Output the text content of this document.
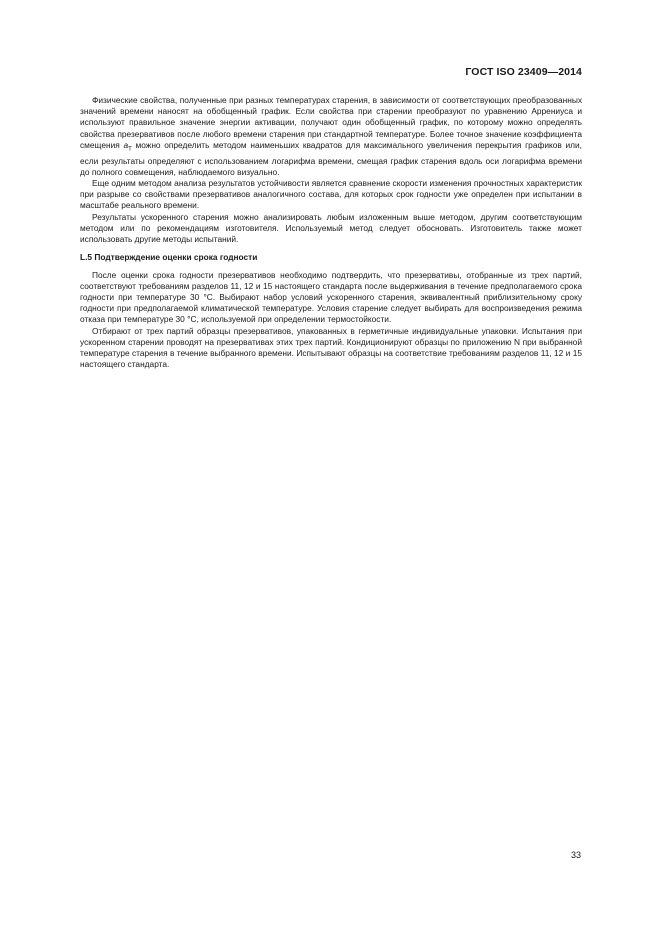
ГОСТ ISO 23409—2014

Физические свойства, полученные при разных температурах старения, в зависимости от соответствующих преобразованных значений времени наносят на обобщенный график. Если свойства при старении преобразуют по уравнению Аррениуса и используют правильное значение энергии активации, получают один обобщенный график, по которому можно определять свойства презервативов после любого времени старения при стандартной температуре. Более точное значение коэффициента смещения $a_T$ можно определить методом наименьших квадратов для максимального увеличения перекрытия графиков или, если результаты определяют с использованием логарифма времени, смещая график старения вдоль оси логарифма времени до полного совмещения, наблюдаемого визуально.

Еще одним методом анализа результатов устойчивости является сравнение скорости изменения прочностных характеристик при разрыве со свойствами презервативов аналогичного состава, для которых срок годности уже определен при испытании в масштабе реального времени.

Результаты ускоренного старения можно анализировать любым изложенным выше методом, другим соответствующим методом или по рекомендациям изготовителя. Используемый метод следует обосновать. Изготовитель также может использовать другие методы испытаний.

L.5 Подтверждение оценки срока годности

После оценки срока годности презервативов необходимо подтвердить, что презервативы, отобранные из трех партий, соответствуют требованиям разделов 11, 12 и 15 настоящего стандарта после выдерживания в течение предполагаемого срока годности при температуре 30 °C. Выбирают набор условий ускоренного старения, эквивалентный приблизительному сроку годности при предполагаемой климатической температуре. Условия старение следует выбирать для воспроизведения режима отказа при температуре 30 °C, используемой при определении термостойкости.

Отбирают от трех партий образцы презервативов, упакованных в герметичные индивидуальные упаковки. Испытания при ускоренном старении проводят на презервативах этих трех партий. Кондиционируют образцы по приложению N при выбранной температуре старения в течение выбранного времени. Испытывают образцы на соответствие требованиям разделов 11, 12 и 15 настоящего стандарта.

33
